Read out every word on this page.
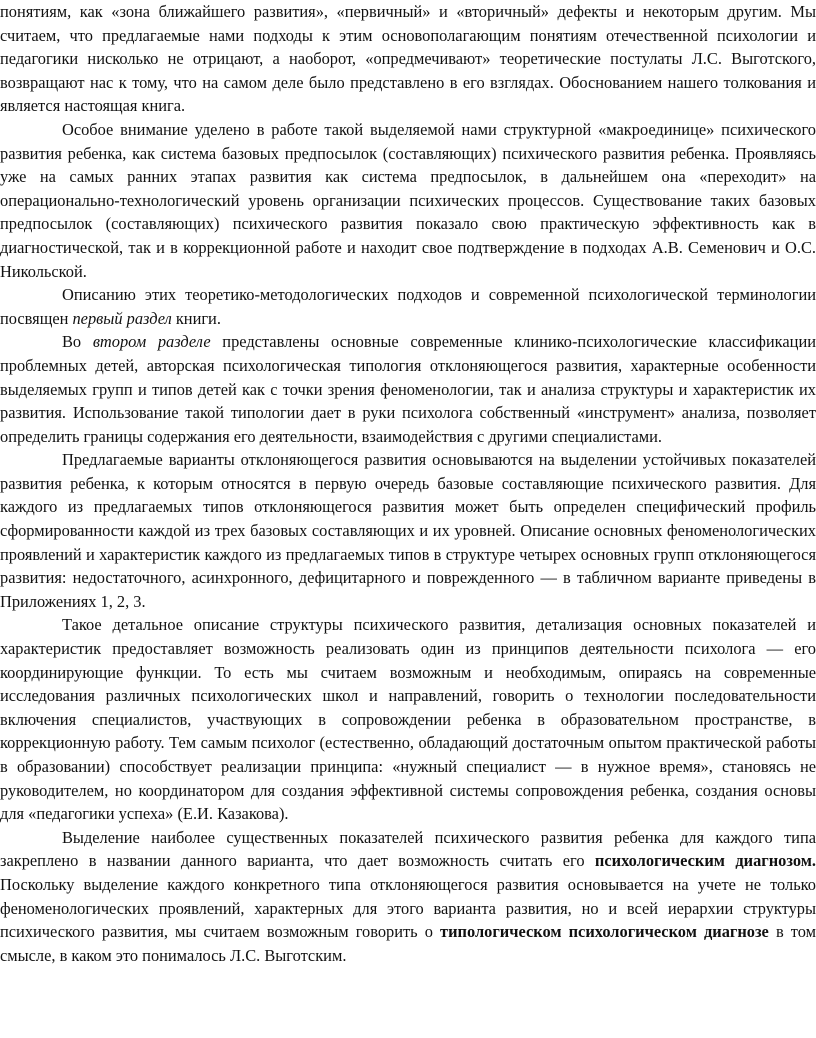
понятиям, как «зона ближайшего развития», «первичный» и «вторичный» дефекты и некоторым другим. Мы считаем, что предлагаемые нами подходы к этим основополагающим понятиям отечественной психологии и педагогики нисколько не отрицают, а наоборот, «опредмечивают» теоретические постулаты Л.С. Выготского, возвращают нас к тому, что на самом деле было представлено в его взглядах. Обоснованием нашего толкования и является настоящая книга.

Особое внимание уделено в работе такой выделяемой нами структурной «макроединице» психического развития ребенка, как система базовых предпосылок (составляющих) психического развития ребенка. Проявляясь уже на самых ранних этапах развития как система предпосылок, в дальнейшем она «переходит» на операционально-технологический уровень организации психических процессов. Существование таких базовых предпосылок (составляющих) психического развития показало свою практическую эффективность как в диагностической, так и в коррекционной работе и находит свое подтверждение в подходах А.В. Семенович и О.С. Никольской.

Описанию этих теоретико-методологических подходов и современной психологической терминологии посвящен первый раздел книги.

Во втором разделе представлены основные современные клинико-психологические классификации проблемных детей, авторская психологическая типология отклоняющегося развития, характерные особенности выделяемых групп и типов детей как с точки зрения феноменологии, так и анализа структуры и характеристик их развития. Использование такой типологии дает в руки психолога собственный «инструмент» анализа, позволяет определить границы содержания его деятельности, взаимодействия с другими специалистами.

Предлагаемые варианты отклоняющегося развития основываются на выделении устойчивых показателей развития ребенка, к которым относятся в первую очередь базовые составляющие психического развития. Для каждого из предлагаемых типов отклоняющегося развития может быть определен специфический профиль сформированности каждой из трех базовых составляющих и их уровней. Описание основных феноменологических проявлений и характеристик каждого из предлагаемых типов в структуре четырех основных групп отклоняющегося развития: недостаточного, асинхронного, дефицитарного и поврежденного — в табличном варианте приведены в Приложениях 1, 2, 3.

Такое детальное описание структуры психического развития, детализация основных показателей и характеристик предоставляет возможность реализовать один из принципов деятельности психолога — его координирующие функции. То есть мы считаем возможным и необходимым, опираясь на современные исследования различных психологических школ и направлений, говорить о технологии последовательности включения специалистов, участвующих в сопровождении ребенка в образовательном пространстве, в коррекционную работу. Тем самым психолог (естественно, обладающий достаточным опытом практической работы в образовании) способствует реализации принципа: «нужный специалист — в нужное время», становясь не руководителем, но координатором для создания эффективной системы сопровождения ребенка, создания основы для «педагогики успеха» (Е.И. Казакова).

Выделение наиболее существенных показателей психического развития ребенка для каждого типа закреплено в названии данного варианта, что дает возможность считать его психологическим диагнозом. Поскольку выделение каждого конкретного типа отклоняющегося развития основывается на учете не только феноменологических проявлений, характерных для этого варианта развития, но и всей иерархии структуры психического развития, мы считаем возможным говорить о типологическом психологическом диагнозе в том смысле, в каком это понималось Л.С. Выготским.
